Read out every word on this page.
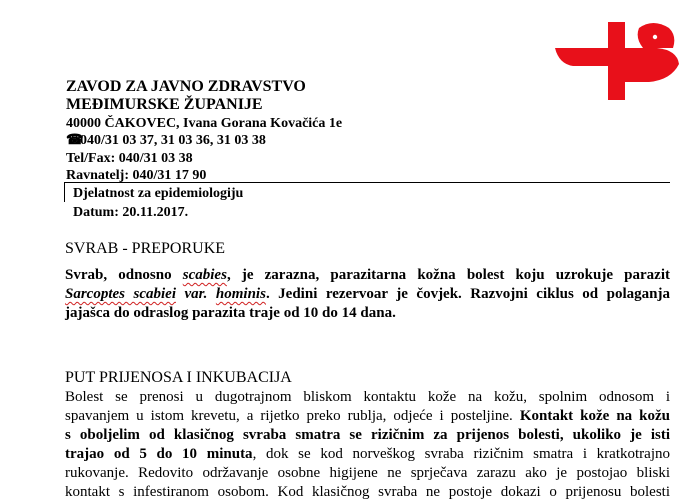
ZAVOD ZA JAVNO ZDRAVSTVO
MEĐIMURSKE ŽUPANIJE
40000 ČAKOVEC, Ivana Gorana Kovačića 1e
☎040/31 03 37, 31 03 36, 31 03 38
Tel/Fax: 040/31 03 38
Ravnatelj: 040/31 17 90
Djelatnost za epidemiologiju
Datum: 20.11.2017.
SVRAB - PREPORUKE
Svrab, odnosno scabies, je zarazna, parazitarna kožna bolest koju uzrokuje parazit
Sarcoptes scabiei var. hominis. Jedini rezervoar je čovjek. Razvojni ciklus od polaganja
jajašca do odraslog parazita traje od 10 do 14 dana.
PUT PRIJENOSA I INKUBACIJA
Bolest se prenosi u dugotrajnom bliskom kontaktu kože na kožu, spolnim odnosom i
spavanjem u istom krevetu, a rijetko preko rublja, odjeće i posteljine. Kontakt kože na kožu
s oboljelim od klasičnog svraba smatra se rizičnim za prijenos bolesti, ukoliko je isti
trajao od 5 do 10 minuta, dok se kod norveškog svraba rizičnim smatra i kratkotrajno
rukovanje. Redovito održavanje osobne higijene ne sprječava zarazu ako je postojao bliski
kontakt s infestiranom osobom. Kod klasičnog svraba ne postoje dokazi o prijenosu bolesti
